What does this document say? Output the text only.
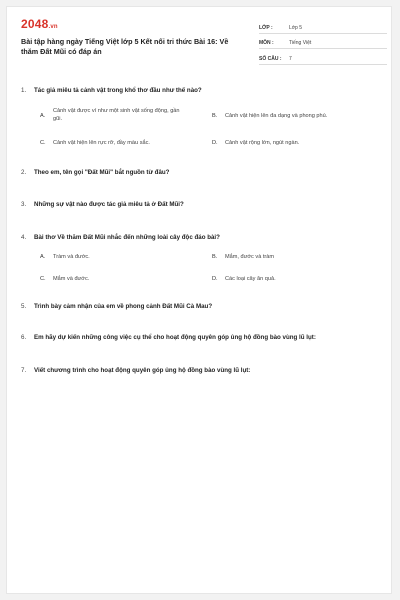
2048.vn
Bài tập hàng ngày Tiếng Việt lớp 5 Kết nối tri thức Bài 16: Về thăm Đất Mũi có đáp án
LỚP :	Lớp 5
MÔN :	Tiếng Việt
SỐ CÂU :	7
1. Tác giả miêu tả cảnh vật trong khổ thơ đầu như thế nào?
A.
Cảnh vật được ví như một sinh vật sống động, gần gũi.	B. Cảnh vật hiện lên đa dạng và phong phú.
C. Cảnh vật hiện lên rực rỡ, đầy màu sắc.	D. Cảnh vật rộng lớn, ngút ngàn.
2. Theo em, tên gọi "Đất Mũi" bắt nguồn từ đâu?
3. Những sự vật nào được tác giả miêu tả ở Đất Mũi?
4. Bài thơ Về thăm Đất Mũi nhắc đến những loài cây độc đáo bài?
A. Tràm và đước.	B. Mắm, đước và tràm
C. Mắm và đước.	D. Các loại cây ăn quả.
5. Trình bày cảm nhận của em về phong cảnh Đất Mũi Cà Mau?
6. Em hãy dự kiến những công việc cụ thể cho hoạt động quyên góp ủng hộ đồng bào vùng lũ lụt:
7. Viết chương trình cho hoạt động quyên góp ủng hộ đồng bào vùng lũ lụt:
